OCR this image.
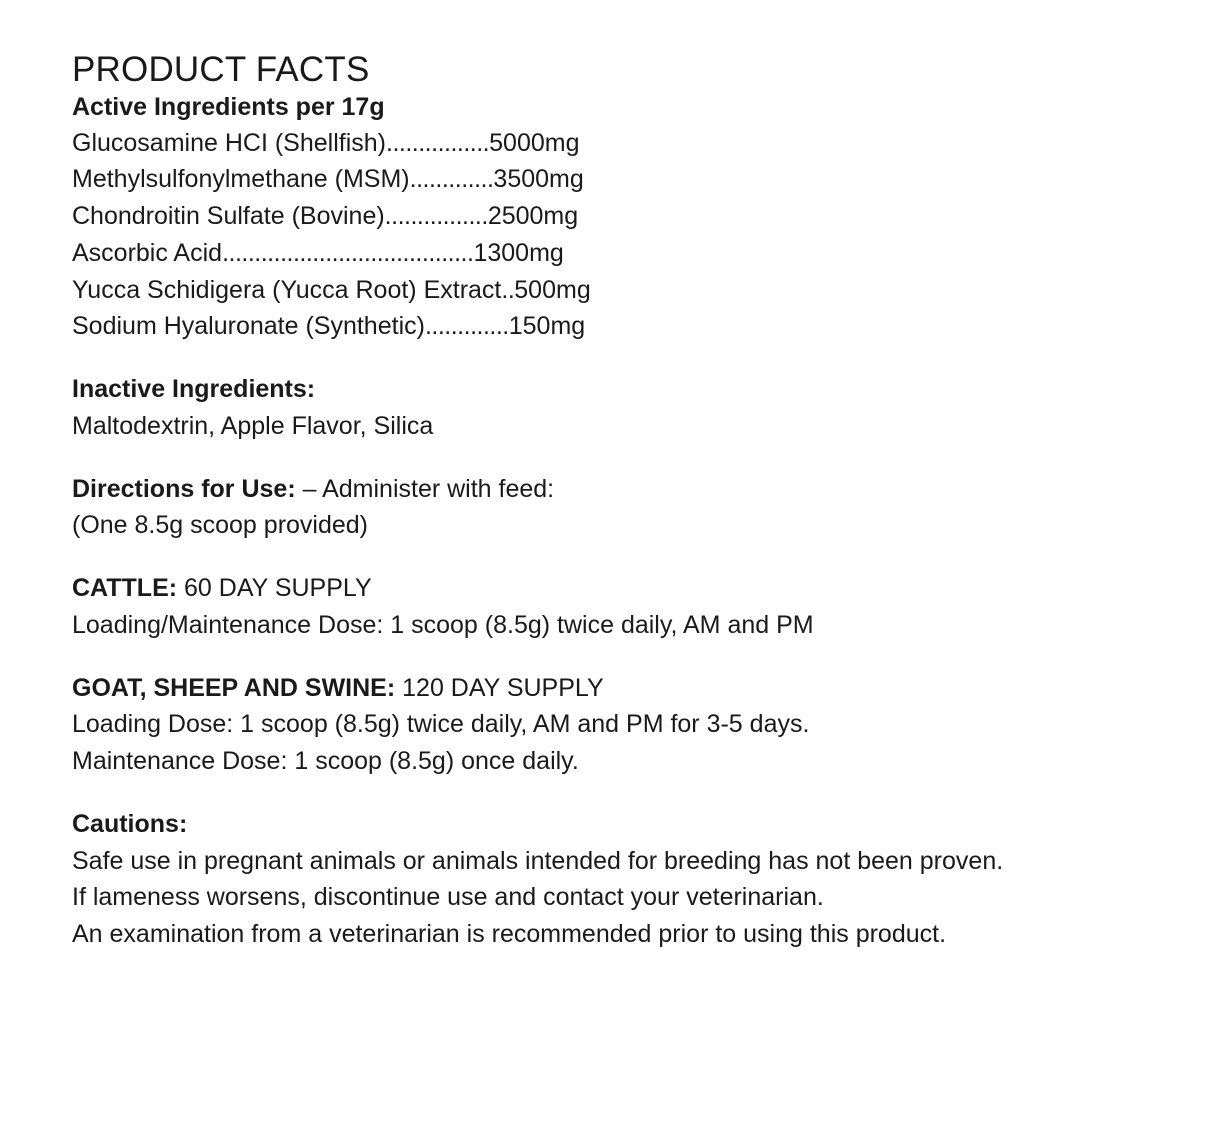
PRODUCT FACTS
Active Ingredients per 17g
Glucosamine HCI (Shellfish)................5000mg
Methylsulfonylmethane (MSM).............3500mg
Chondroitin Sulfate (Bovine)................2500mg
Ascorbic Acid.......................................1300mg
Yucca Schidigera (Yucca Root) Extract..500mg
Sodium Hyaluronate (Synthetic).............150mg
Inactive Ingredients:
Maltodextrin, Apple Flavor, Silica
Directions for Use: – Administer with feed:
(One 8.5g scoop provided)
CATTLE: 60 DAY SUPPLY
Loading/Maintenance Dose: 1 scoop (8.5g) twice daily, AM and PM
GOAT, SHEEP AND SWINE: 120 DAY SUPPLY
Loading Dose: 1 scoop (8.5g) twice daily, AM and PM for 3-5 days.
Maintenance Dose: 1 scoop (8.5g) once daily.
Cautions:
Safe use in pregnant animals or animals intended for breeding has not been proven.
If lameness worsens, discontinue use and contact your veterinarian.
An examination from a veterinarian is recommended prior to using this product.
